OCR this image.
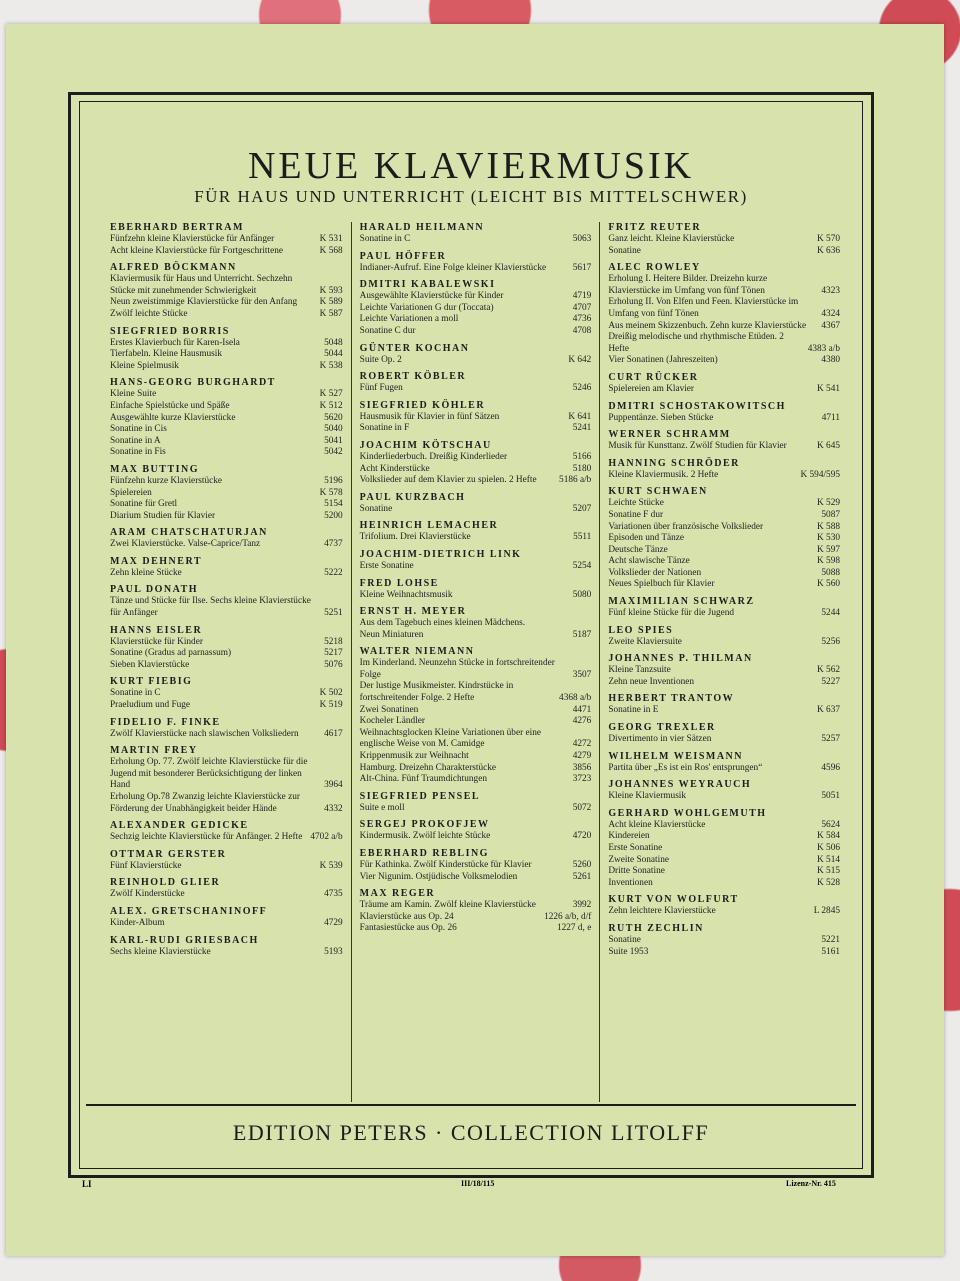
NEUE KLAVIERMUSIK
FÜR HAUS UND UNTERRICHT (LEICHT BIS MITTELSCHWER)
EBERHARD BERTRAM
Fünfzehn kleine Klavierstücke für Anfänger	K 531
Acht kleine Klavierstücke für Fortgeschrittene	K 568
ALFRED BÖCKMANN
Klaviermusik für Haus und Unterricht. Sechzehn Stücke mit zunehmender Schwierigkeit	K 593
Neun zweistimmige Klavierstücke für den Anfang	K 589
Zwölf leichte Stücke	K 587
SIEGFRIED BORRIS
Erstes Klavierbuch für Karen-Isela	5048
Tierfabeln. Kleine Hausmusik	5044
Kleine Spielmusik	K 538
HANS-GEORG BURGHARDT
Kleine Suite	K 527
Einfache Spielstücke und Späße	K 512
Ausgewählte kurze Klavierstücke	5620
Sonatine in Cis	5040
Sonatine in A	5041
Sonatine in Fis	5042
MAX BUTTING
Fünfzehn kurze Klavierstücke	5196
Spielereien	K 578
Sonatine für Gretl	5154
Diarium Studien für Klavier	5200
ARAM CHATSCHATURJAN
Zwei Klavierstücke. Valse-Caprice/Tanz	4737
MAX DEHNERT
Zehn kleine Stücke	5222
PAUL DONATH
Tänze und Stücke für Ilse. Sechs kleine Klavierstücke für Anfänger	5251
HANNS EISLER
Klavierstücke für Kinder	5218
Sonatine (Gradus ad parnassum)	5217
Sieben Klavierstücke	5076
KURT FIEBIG
Sonatine in C	K 502
Praeludium und Fuge	K 519
FIDELIO F. FINKE
Zwölf Klavierstücke nach slawischen Volksliedern	4617
MARTIN FREY
Erholung Op. 77. Zwölf leichte Klavierstücke für die Jugend mit besonderer Berücksichtigung der linken Hand	3964
Erholung Op.78 Zwanzig leichte Klavierstücke zur Förderung der Unabhängigkeit beider Hände	4332
ALEXANDER GEDICKE
Sechzig leichte Klavierstücke für Anfänger. 2 Hefte 4702 a/b
OTTMAR GERSTER
Fünf Klavierstücke	K 539
REINHOLD GLIER
Zwölf Kinderstücke	4735
ALEX. GRETSCHANINOFF
Kinder-Album	4729
KARL-RUDI GRIESBACH
Sechs kleine Klavierstücke	5193
HARALD HEILMANN
Sonatine in C	5063
PAUL HÖFFER
Indianer-Aufruf. Eine Folge kleiner Klavierstücke	5617
DMITRI KABALEWSKI
Ausgewählte Klavierstücke für Kinder	4719
Leichte Variationen G dur (Toccata)	4707
Leichte Variationen a moll	4736
Sonatine C dur	4708
GÜNTER KOCHAN
Suite Op. 2	K 642
ROBERT KÖBLER
Fünf Fugen	5246
SIEGFRIED KÖHLER
Hausmusik für Klavier in fünf Sätzen	K 641
Sonatine in F	5241
JOACHIM KÖTSCHAU
Kinderliederbuch. Dreißig Kinderlieder	5166
Acht Kinderstücke	5180
Volkslieder auf dem Klavier zu spielen. 2 Hefte	5186 a/b
PAUL KURZBACH
Sonatine	5207
HEINRICH LEMACHER
Trifolium. Drei Klavierstücke	5511
JOACHIM-DIETRICH LINK
Erste Sonatine	5254
FRED LOHSE
Kleine Weihnachtsmusik	5080
ERNST H. MEYER
Aus dem Tagebuch eines kleinen Mädchens.
Neun Miniaturen	5187
WALTER NIEMANN
Im Kinderland. Neunzehn Stücke in fortschreitender Folge	3507
Der lustige Musikmeister. Kindrstücke in fortschreitender Folge. 2 Hefte	4368 a/b
Zwei Sonatinen	4471
Kocheler Ländler	4276
Weihnachtsglocken Kleine Variationen über eine englische Weise von M. Camidge	4272
Krippenmusik zur Weihnacht	4279
Hamburg. Dreizehn Charakterstücke	3856
Alt-China. Fünf Traumdichtungen	3723
SIEGFRIED PENSEL
Suite e moll	5072
SERGEJ PROKOFJEW
Kindermusik. Zwölf leichte Stücke	4720
EBERHARD REBLING
Für Kathinka. Zwölf Kinderstücke für Klavier	5260
Vier Nigunim. Ostjüdische Volksmelodien	5261
MAX REGER
Träume am Kamin. Zwölf kleine Klavierstücke	3992
Klavierstücke aus Op. 24	1226 a/b, d/f
Fantasiestücke aus Op. 26	1227 d, e
FRITZ REUTER
Ganz leicht. Kleine Klavierstücke	K 570
Sonatine	K 636
ALEC ROWLEY
Erholung I. Heitere Bilder. Dreizehn kurze Klavierstücke im Umfang von fünf Tönen	4323
Erholung II. Von Elfen und Feen. Klavierstücke im Umfang von fünf Tönen	4324
Aus meinem Skizzenbuch. Zehn kurze Klavierstücke	4367
Dreißig melodische und rhythmische Etüden. 2 Hefte	4383 a/b
Vier Sonatinen (Jahreszeiten)	4380
CURT RÜCKER
Spielereien am Klavier	K 541
DMITRI SCHOSTAKOWITSCH
Puppentänze. Sieben Stücke	4711
WERNER SCHRAMM
Musik für Kunsttanz. Zwölf Studien für Klavier	K 645
HANNING SCHRÖDER
Kleine Klaviermusik. 2 Hefte	K 594/595
KURT SCHWAEN
Leichte Stücke	K 529
Sonatine F dur	5087
Variationen über französische Volkslieder	K 588
Episoden und Tänze	K 530
Deutsche Tänze	K 597
Acht slawische Tänze	K 598
Volkslieder der Nationen	5088
Neues Spielbuch für Klavier	K 560
MAXIMILIAN SCHWARZ
Fünf kleine Stücke für die Jugend	5244
LEO SPIES
Zweite Klaviersuite	5256
JOHANNES P. THILMAN
Kleine Tanzsuite	K 562
Zehn neue Inventionen	5227
HERBERT TRANTOW
Sonatine in E	K 637
GEORG TREXLER
Divertimento in vier Sätzen	5257
WILHELM WEISMANN
Partita über „Es ist ein Ros' entsprungen“	4596
JOHANNES WEYRAUCH
Kleine Klaviermusik	5051
GERHARD WOHLGEMUTH
Acht kleine Klavierstücke	5624
Kindereien	K 584
Erste Sonatine	K 506
Zweite Sonatine	K 514
Dritte Sonatine	K 515
Inventionen	K 528
KURT VON WOLFURT
Zehn leichtere Klavierstücke	L 2845
RUTH ZECHLIN
Sonatine	5221
Suite 1953	5161
EDITION PETERS · COLLECTION LITOLFF
LI	III/18/115	Lizenz-Nr. 415
